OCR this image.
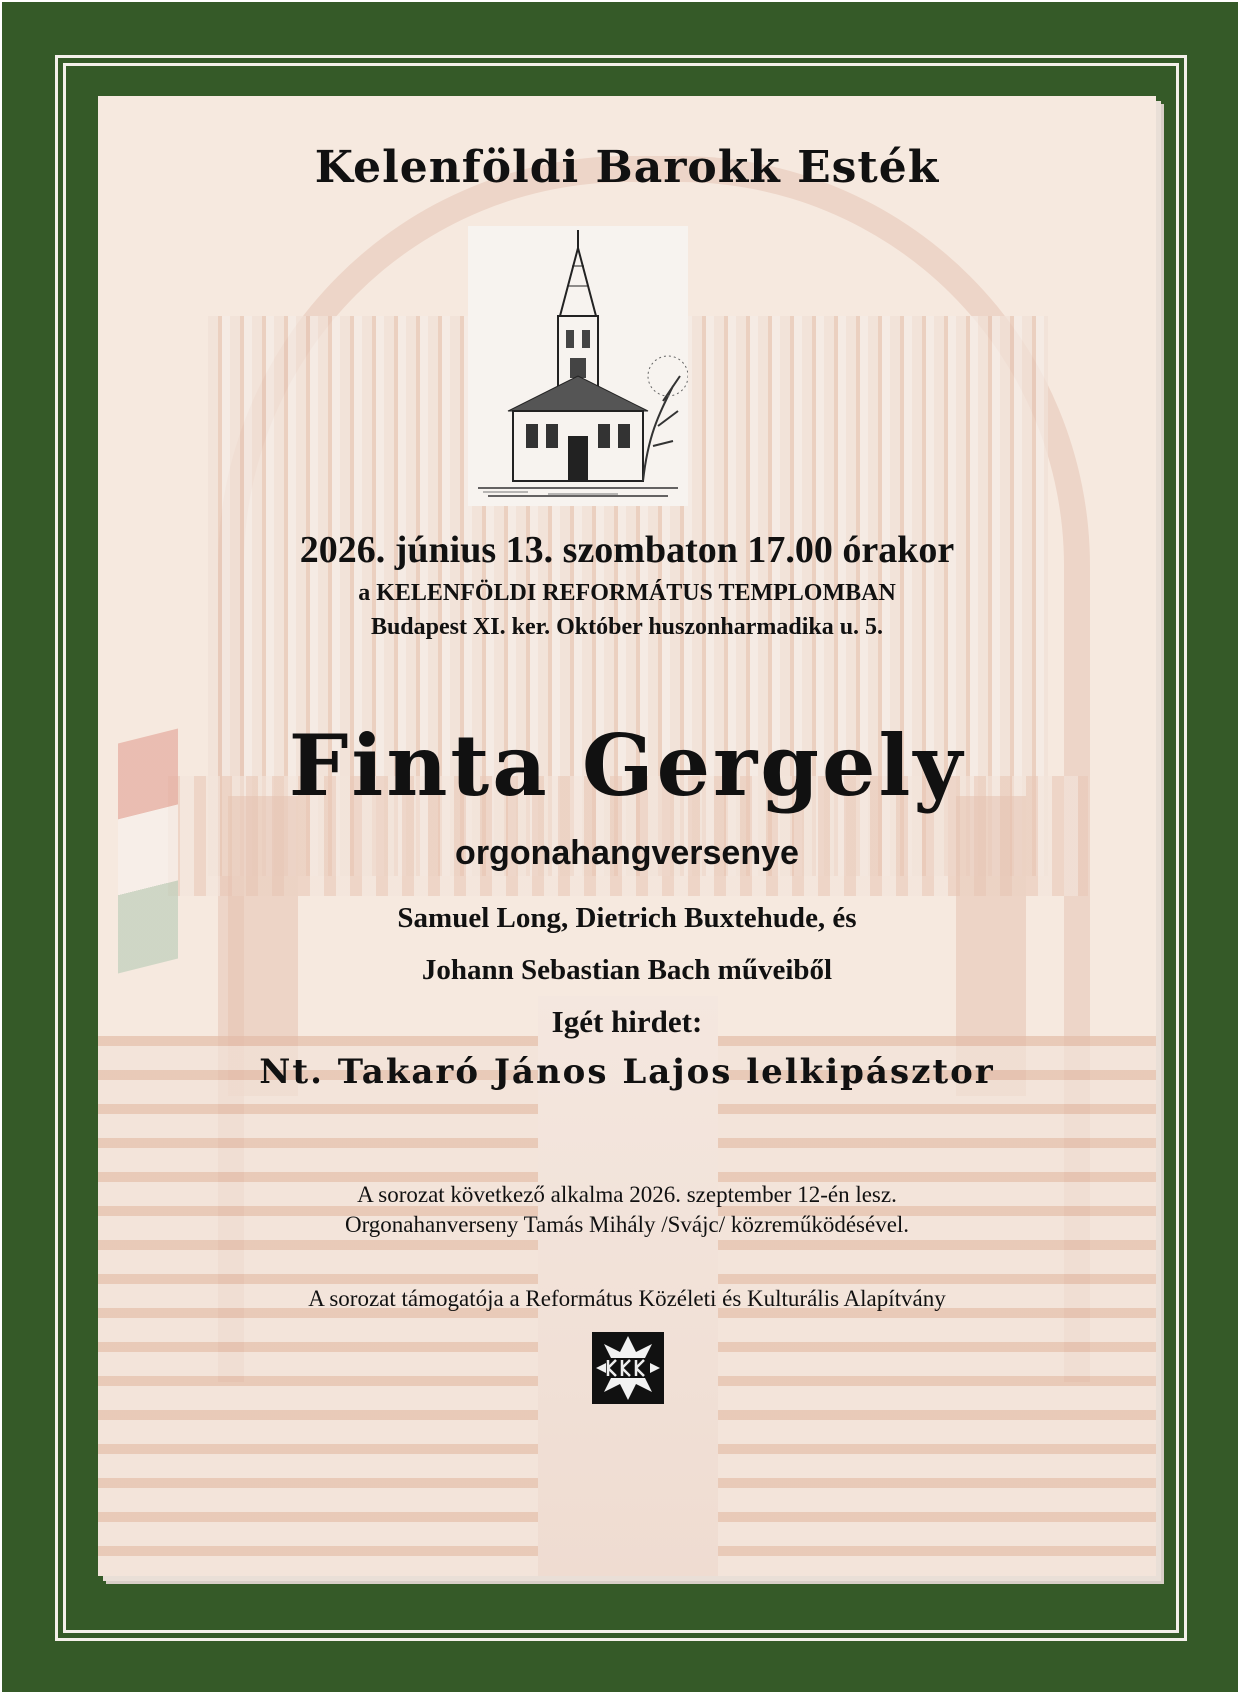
Kelenföldi Barokk Esték
2026. június 13. szombaton 17.00 órakor
a KELENFÖLDI REFORMÁTUS TEMPLOMBAN
Budapest XI. ker. Október huszonharmadika u. 5.
Finta Gergely
orgonahangversenye
Samuel Long, Dietrich Buxtehude, és
Johann Sebastian Bach műveiből
Igét hirdet:
Nt. Takaró János Lajos lelkipásztor
A sorozat következő alkalma 2026. szeptember 12-én lesz.
Orgonahanverseny Tamás Mihály /Svájc/ közreműködésével.
A sorozat támogatója a Református Közéleti és Kulturális Alapítvány
